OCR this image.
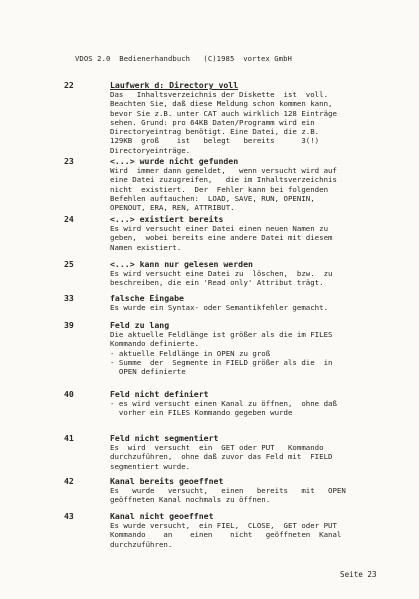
VDOS 2.0  Bedienerhandbuch   (C)1985  vortex GmbH
22	Laufwerk d: Directory voll
Das   Inhaltsverzeichnis der Diskette  ist  voll.
Beachten Sie, daß diese Meldung schon kommen kann,
bevor Sie z.B. unter CAT auch wirklich 128 Einträge
sehen. Grund: pro 64KB Daten/Programm wird ein
Directoryeintrag benötigt. Eine Datei, die z.B.
129KB  groß    ist   belegt   bereits      3(!)
Directoryeinträge.
23	<...> wurde nicht gefunden
Wird  immer dann gemeldet,   wenn versucht wird auf
eine Datei zuzugreifen,   die im Inhaltsverzeichnis
nicht  existiert.  Der  Fehler kann bei folgenden
Befehlen auftauchen:  LOAD, SAVE, RUN, OPENIN,
OPENOUT, ERA, REN, ATTRIBUT.
24	<...> existiert bereits
Es wird versucht einer Datei einen neuen Namen zu
geben,  wobei bereits eine andere Datei mit diesem
Namen existiert.
25	<...> kann nur gelesen werden
Es wird versucht eine Datei zu  löschen,  bzw.  zu
beschreiben, die ein 'Read only' Attribut trägt.
33	falsche Eingabe
Es wurde ein Syntax- oder Semantikfehler gemacht.
39	Feld zu lang
Die aktuelle Feldlänge ist größer als die im FILES
Kommando definierte.
- aktuelle Feldlänge in OPEN zu groß
- Summe  der  Segmente in FIELD größer als die  in
OPEN definierte
40	Feld nicht definiert
- es wird versucht einen Kanal zu öffnen,  ohne daß
vorher ein FILES Kommando gegeben wurde
41	Feld nicht segmentiert
Es  wird  versucht  ein  GET oder PUT   Kommando
durchzuführen,  ohne daß zuvor das Feld mit  FIELD
segmentiert wurde.
42	Kanal bereits geoeffnet
Es   wurde   versucht,   einen   bereits   mit   OPEN
geöffneten Kanal nochmals zu öffnen.
43	Kanal nicht geoeffnet
Es wurde versucht,  ein FIEL,  CLOSE,  GET oder PUT
Kommando    an    einen    nicht   geöffneten  Kanal
durchzuführen.
Seite 23
